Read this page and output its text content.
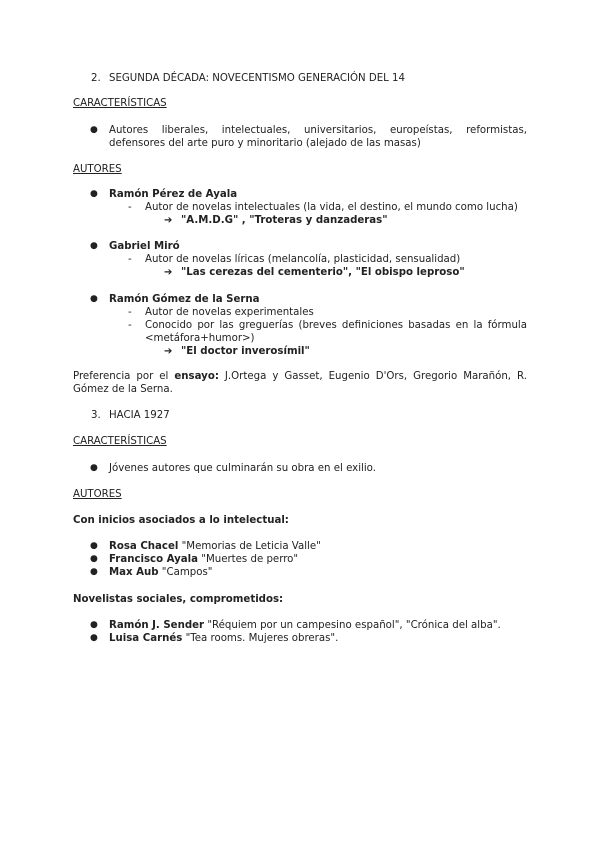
2. SEGUNDA DÉCADA: NOVECENTISMO GENERACIÓN DEL 14
CARACTERÍSTICAS
● Autores liberales, intelectuales, universitarios, europeístas, reformistas,
defensores del arte puro y minoritario (alejado de las masas)
AUTORES
● Ramón Pérez de Ayala
- Autor de novelas intelectuales (la vida, el destino, el mundo como lucha)
➔ "A.M.D.G" , "Troteras y danzaderas"
● Gabriel Miró
- Autor de novelas líricas (melancolía, plasticidad, sensualidad)
➔ "Las cerezas del cementerio", "El obispo leproso"
● Ramón Gómez de la Serna
- Autor de novelas experimentales
- Conocido por las greguerías (breves definiciones basadas en la fórmula
<metáfora+humor>)
➔ "El doctor inverosímil"
Preferencia por el ensayo: J.Ortega y Gasset, Eugenio D'Ors, Gregorio Marañón, R.
Gómez de la Serna.
3. HACIA 1927
CARACTERÍSTICAS
● Jóvenes autores que culminarán su obra en el exilio.
AUTORES
Con inicios asociados a lo intelectual:
● Rosa Chacel "Memorias de Leticia Valle"
● Francisco Ayala "Muertes de perro"
● Max Aub "Campos"
Novelistas sociales, comprometidos:
● Ramón J. Sender "Réquiem por un campesino español", "Crónica del alba".
● Luisa Carnés "Tea rooms. Mujeres obreras".
